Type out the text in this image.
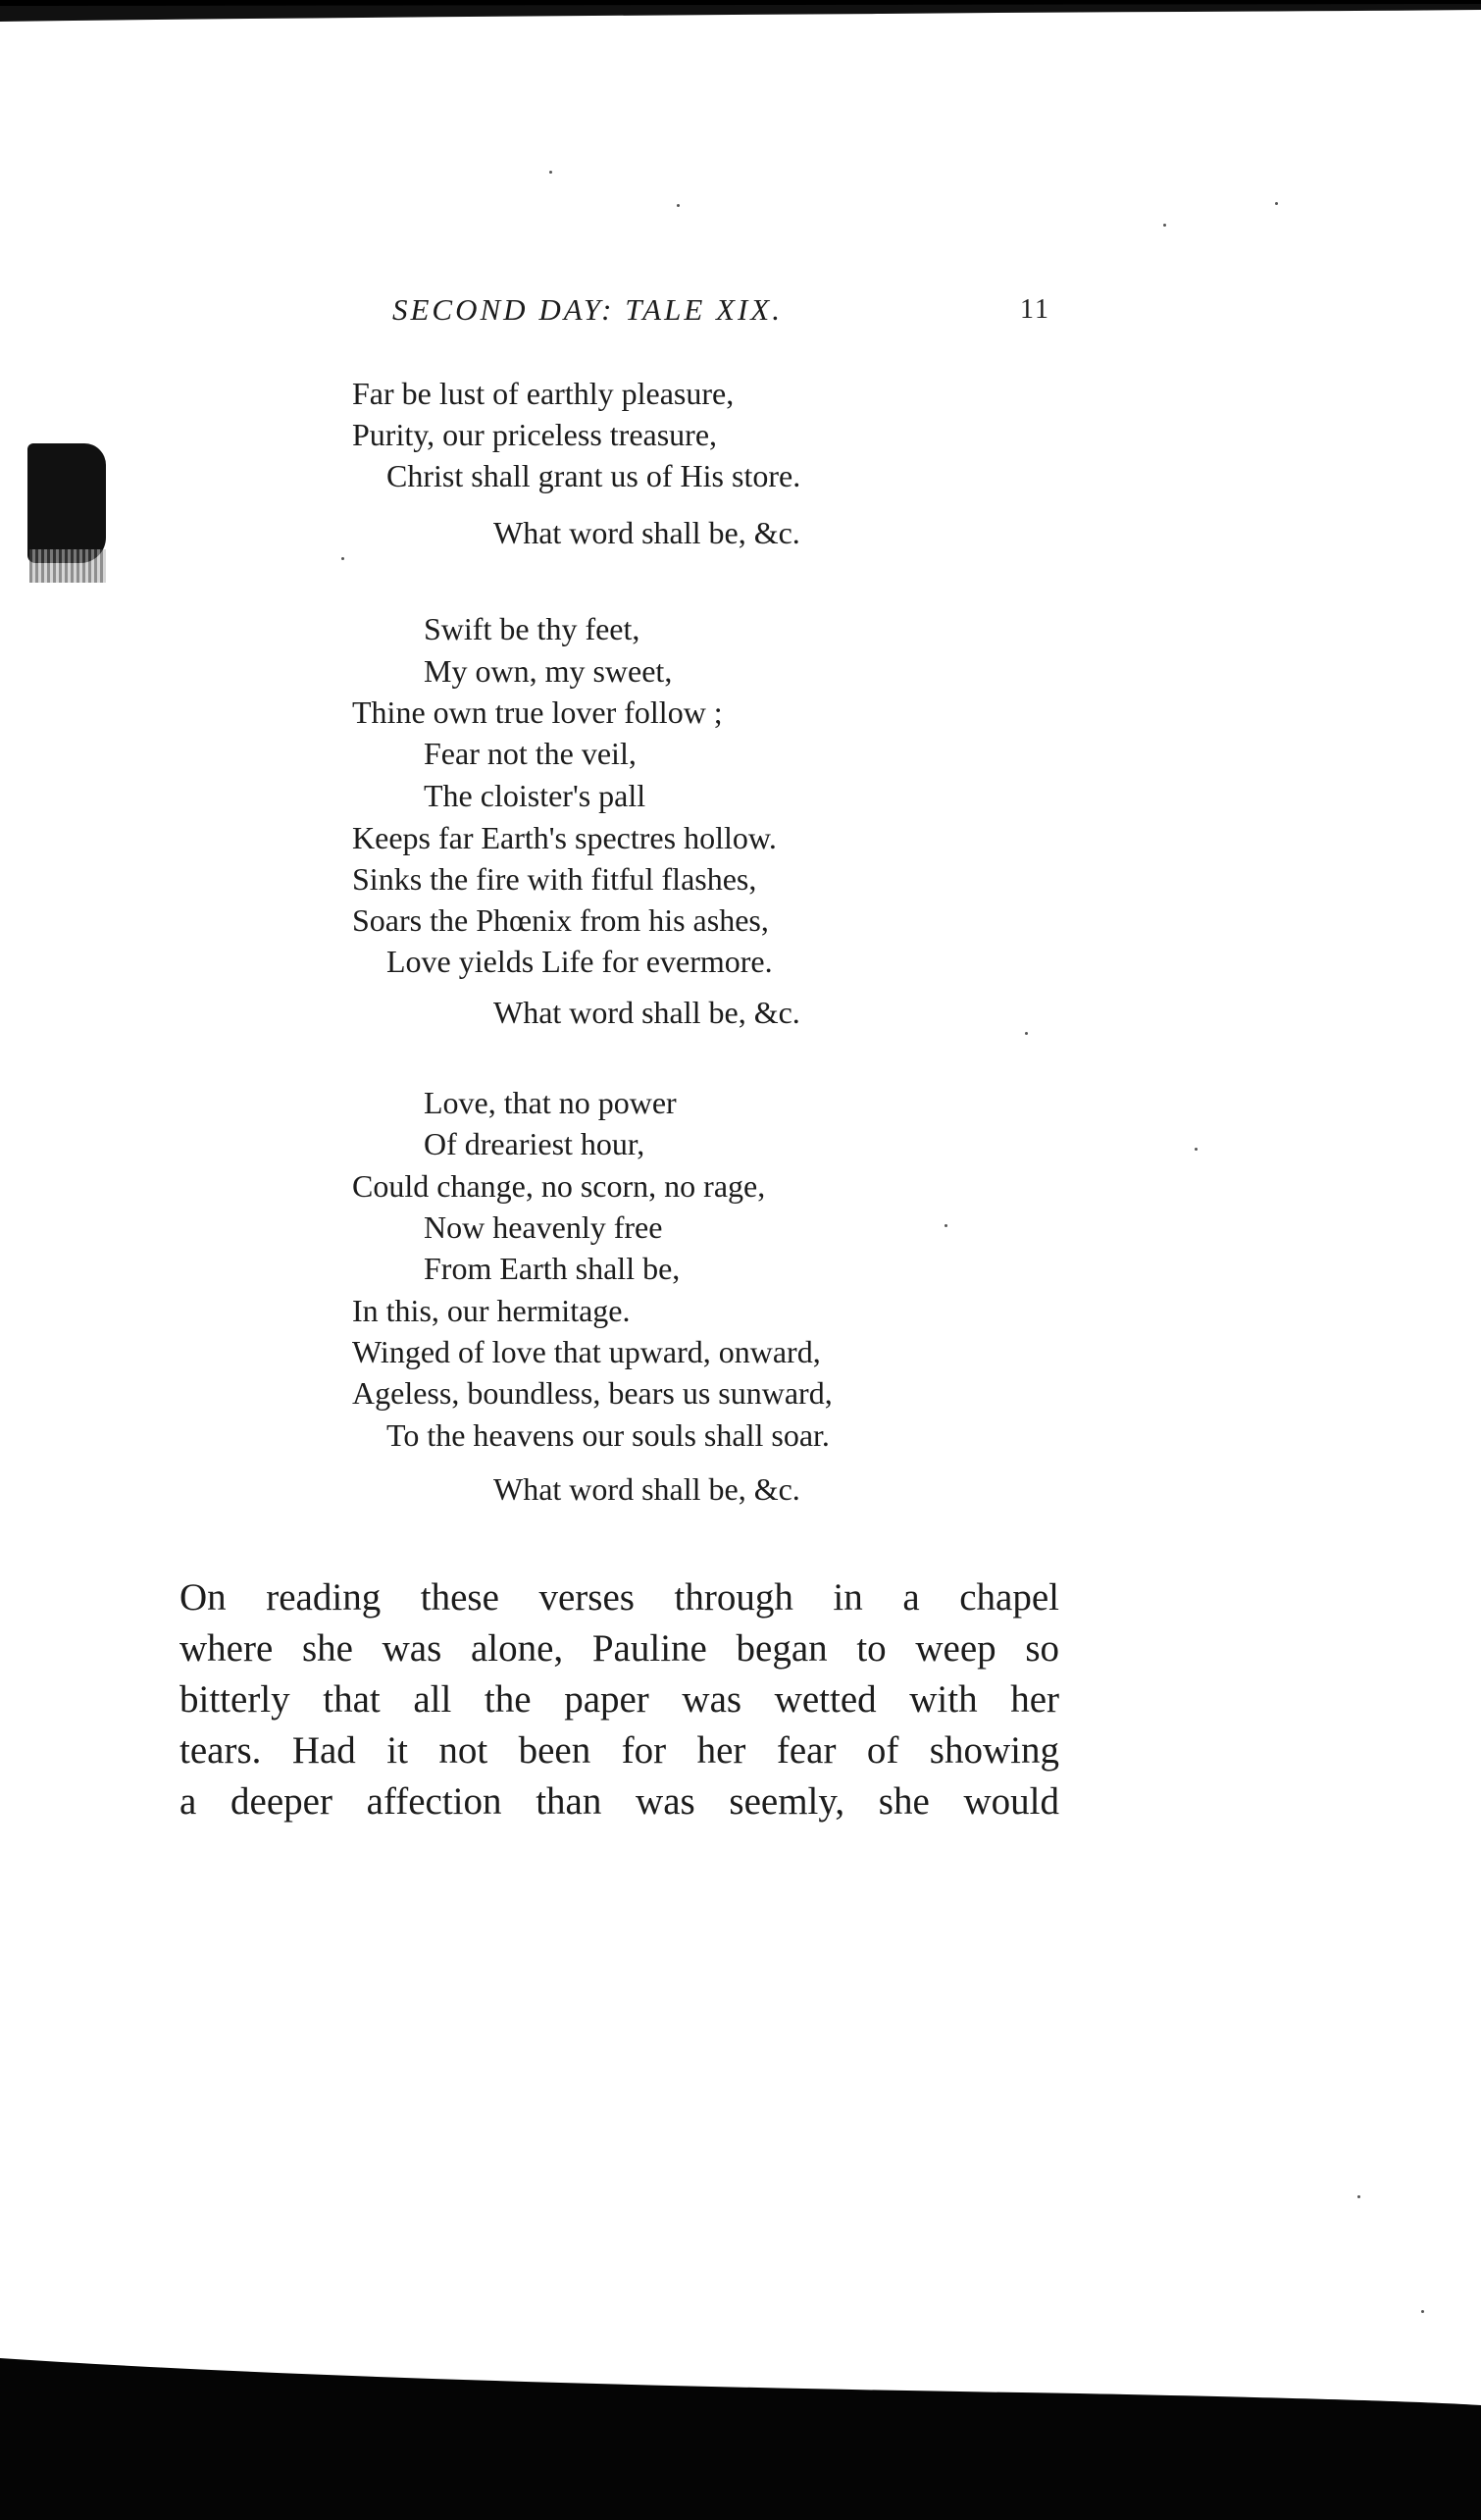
SECOND DAY: TALE XIX.	11
Far be lust of earthly pleasure,
Purity, our priceless treasure,
Christ shall grant us of His store.
What word shall be, &c.
Swift be thy feet,
My own, my sweet,
Thine own true lover follow ;
Fear not the veil,
The cloister's pall
Keeps far Earth's spectres hollow.
Sinks the fire with fitful flashes,
Soars the Phœnix from his ashes,
Love yields Life for evermore.
What word shall be, &c.
Love, that no power
Of dreariest hour,
Could change, no scorn, no rage,
Now heavenly free
From Earth shall be,
In this, our hermitage.
Winged of love that upward, onward,
Ageless, boundless, bears us sunward,
To the heavens our souls shall soar.
What word shall be, &c.
On reading these verses through in a chapel
where she was alone, Pauline began to weep so
bitterly that all the paper was wetted with her
tears. Had it not been for her fear of showing
a deeper affection than was seemly, she would
